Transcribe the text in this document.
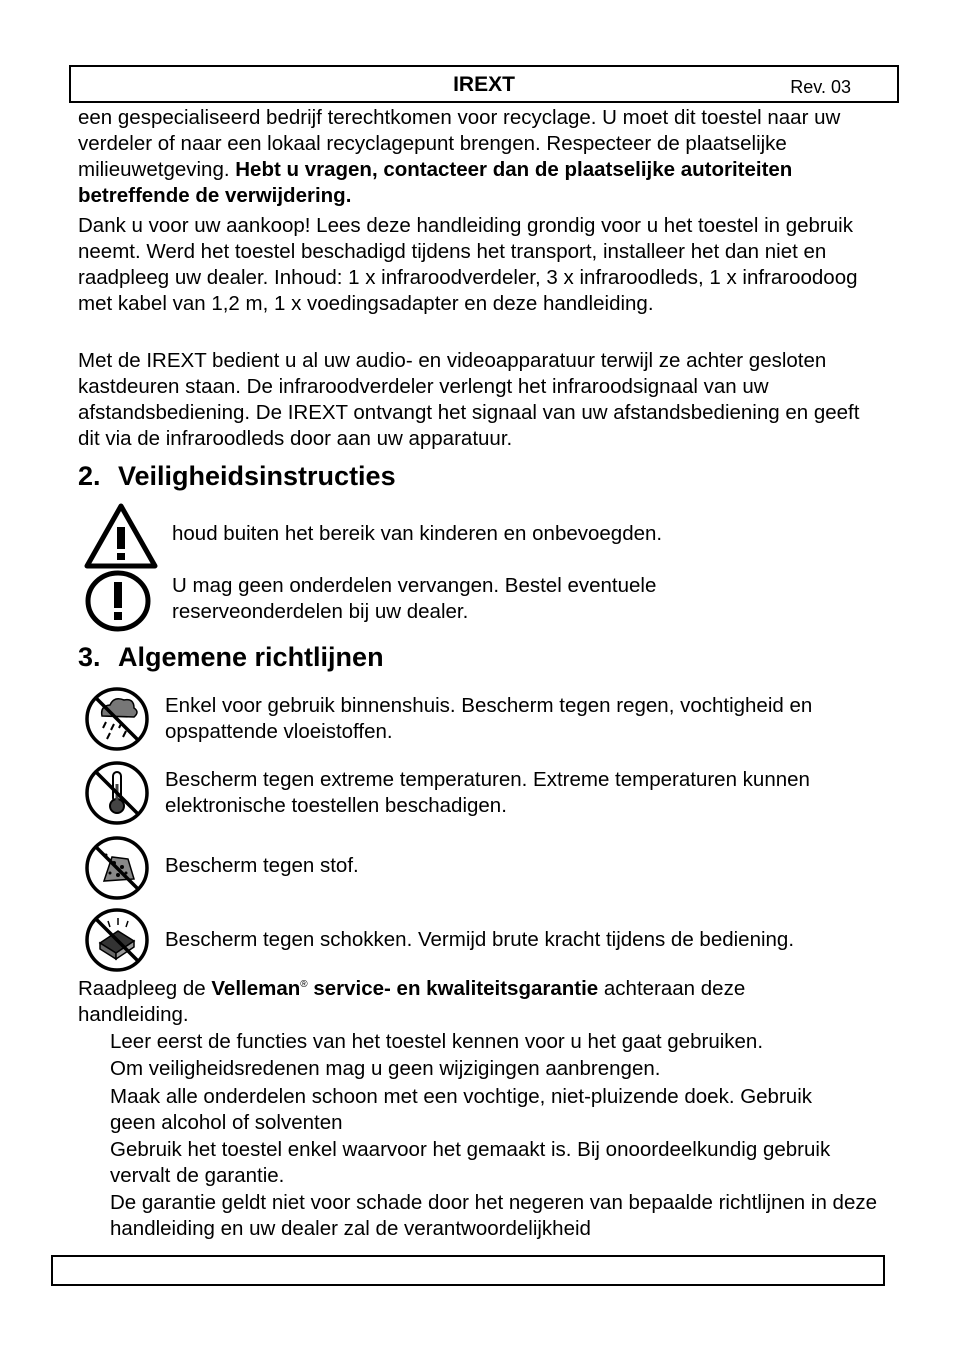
IREXT	Rev. 03

een gespecialiseerd bedrijf terechtkomen voor recyclage. U moet dit toestel naar uw verdeler of naar een lokaal recyclagepunt brengen. Respecteer de plaatselijke milieuwetgeving. Hebt u vragen, contacteer dan de plaatselijke autoriteiten betreffende de verwijdering.

Dank u voor uw aankoop! Lees deze handleiding grondig voor u het toestel in gebruik neemt. Werd het toestel beschadigd tijdens het transport, installeer het dan niet en raadpleeg uw dealer. Inhoud: 1 x infraroodverdeler, 3 x infraroodleds, 1 x infraroodoog met kabel van 1,2 m, 1 x voedingsadapter en deze handleiding.

Met de IREXT bedient u al uw audio- en videoapparatuur terwijl ze achter gesloten kastdeuren staan. De infraroodverdeler verlengt het infraroodsignaal van uw afstandsbediening. De IREXT ontvangt het signaal van uw afstandsbediening en geeft dit via de infraroodleds door aan uw apparatuur.

2. Veiligheidsinstructies

houd buiten het bereik van kinderen en onbevoegden.

U mag geen onderdelen vervangen. Bestel eventuele reserveonderdelen bij uw dealer.

3. Algemene richtlijnen

Enkel voor gebruik binnenshuis. Bescherm tegen regen, vochtigheid en opspattende vloeistoffen.

Bescherm tegen extreme temperaturen. Extreme temperaturen kunnen elektronische toestellen beschadigen.

Bescherm tegen stof.

Bescherm tegen schokken. Vermijd brute kracht tijdens de bediening.

Raadpleeg de Velleman® service- en kwaliteitsgarantie achteraan deze handleiding.

Leer eerst de functies van het toestel kennen voor u het gaat gebruiken.

Om veiligheidsredenen mag u geen wijzigingen aanbrengen.

Maak alle onderdelen schoon met een vochtige, niet-pluizende doek. Gebruik geen alcohol of solventen

Gebruik het toestel enkel waarvoor het gemaakt is. Bij onoordeelkundig gebruik vervalt de garantie.

De garantie geldt niet voor schade door het negeren van bepaalde richtlijnen in deze handleiding en uw dealer zal de verantwoordelijkheid
